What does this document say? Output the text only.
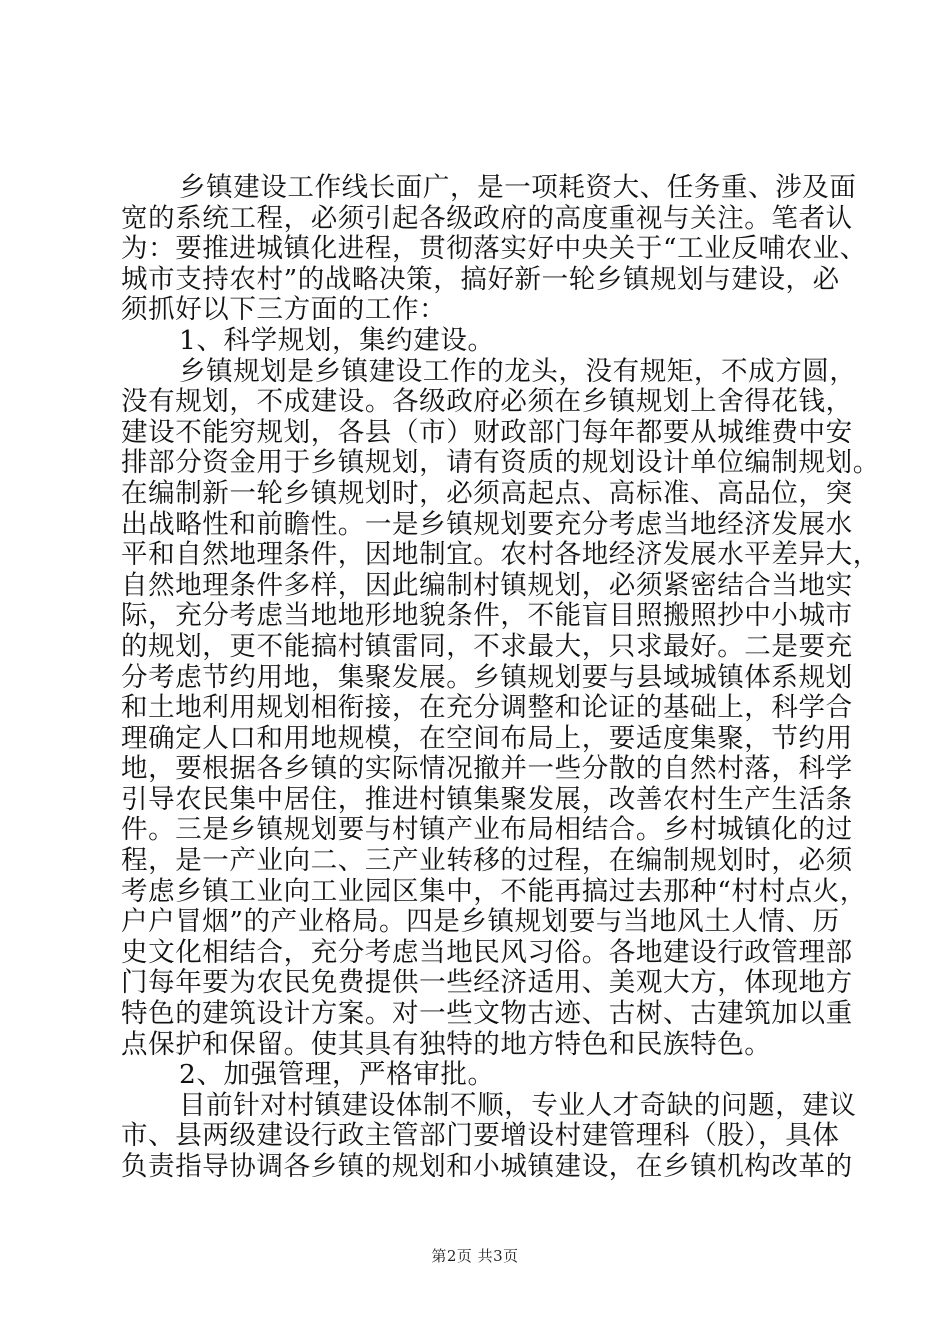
乡镇建设工作线长面广，是一项耗资大、任务重、涉及面
宽的系统工程，必须引起各级政府的高度重视与关注。笔者认
为：要推进城镇化进程，贯彻落实好中央关于“工业反哺农业、
城市支持农村”的战略决策，搞好新一轮乡镇规划与建设，必
须抓好以下三方面的工作：
1、科学规划，集约建设。
乡镇规划是乡镇建设工作的龙头，没有规矩，不成方圆，
没有规划，不成建设。各级政府必须在乡镇规划上舍得花钱，
建设不能穷规划，各县（市）财政部门每年都要从城维费中安
排部分资金用于乡镇规划，请有资质的规划设计单位编制规划。
在编制新一轮乡镇规划时，必须高起点、高标准、高品位，突
出战略性和前瞻性。一是乡镇规划要充分考虑当地经济发展水
平和自然地理条件，因地制宜。农村各地经济发展水平差异大，
自然地理条件多样，因此编制村镇规划，必须紧密结合当地实
际，充分考虑当地地形地貌条件，不能盲目照搬照抄中小城市
的规划，更不能搞村镇雷同，不求最大，只求最好。二是要充
分考虑节约用地，集聚发展。乡镇规划要与县域城镇体系规划
和土地利用规划相衔接，在充分调整和论证的基础上，科学合
理确定人口和用地规模，在空间布局上，要适度集聚，节约用
地，要根据各乡镇的实际情况撤并一些分散的自然村落，科学
引导农民集中居住，推进村镇集聚发展，改善农村生产生活条
件。三是乡镇规划要与村镇产业布局相结合。乡村城镇化的过
程，是一产业向二、三产业转移的过程，在编制规划时，必须
考虑乡镇工业向工业园区集中，不能再搞过去那种“村村点火，
户户冒烟”的产业格局。四是乡镇规划要与当地风土人情、历
史文化相结合，充分考虑当地民风习俗。各地建设行政管理部
门每年要为农民免费提供一些经济适用、美观大方，体现地方
特色的建筑设计方案。对一些文物古迹、古树、古建筑加以重
点保护和保留。使其具有独特的地方特色和民族特色。
2、加强管理，严格审批。
目前针对村镇建设体制不顺，专业人才奇缺的问题，建议
市、县两级建设行政主管部门要增设村建管理科（股），具体
负责指导协调各乡镇的规划和小城镇建设，在乡镇机构改革的
第2页 共3页
